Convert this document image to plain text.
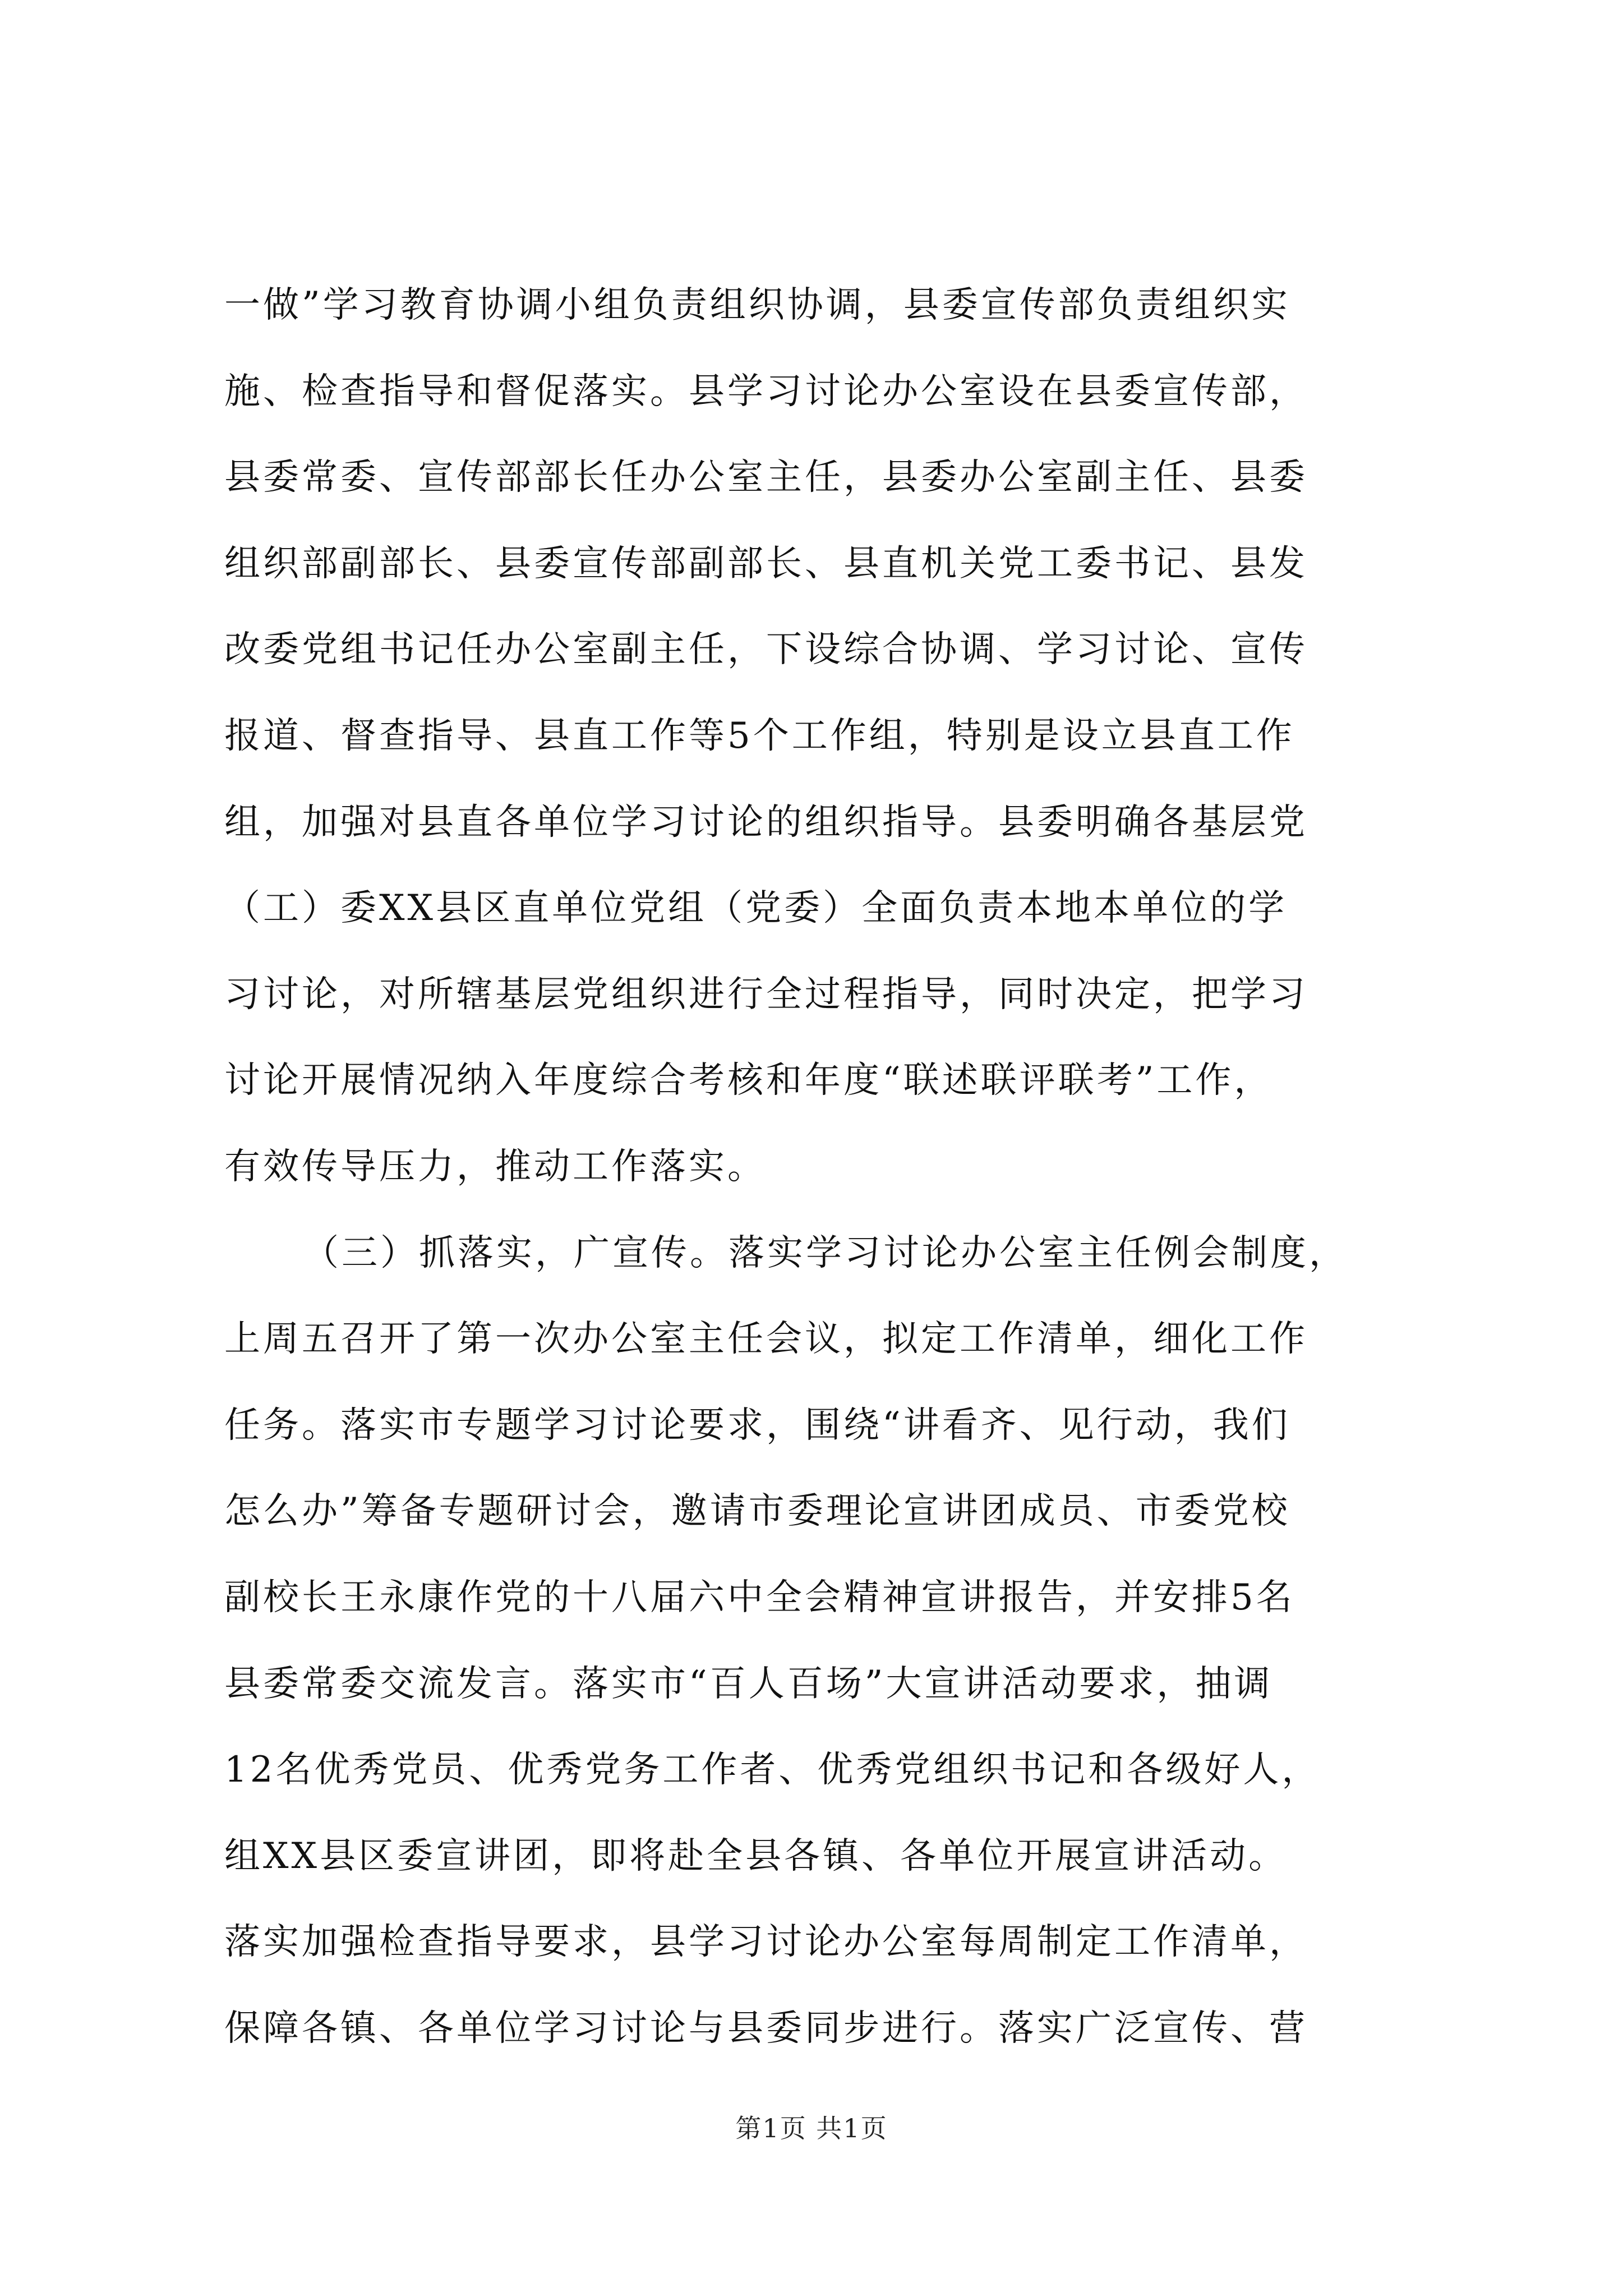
一做”学习教育协调小组负责组织协调，县委宣传部负责组织实
施、检查指导和督促落实。县学习讨论办公室设在县委宣传部，
县委常委、宣传部部长任办公室主任，县委办公室副主任、县委
组织部副部长、县委宣传部副部长、县直机关党工委书记、县发
改委党组书记任办公室副主任，下设综合协调、学习讨论、宣传
报道、督查指导、县直工作等5个工作组，特别是设立县直工作
组，加强对县直各单位学习讨论的组织指导。县委明确各基层党
（工）委XX县区直单位党组（党委）全面负责本地本单位的学
习讨论，对所辖基层党组织进行全过程指导，同时决定，把学习
讨论开展情况纳入年度综合考核和年度“联述联评联考”工作，
有效传导压力，推动工作落实。
（三）抓落实，广宣传。落实学习讨论办公室主任例会制度，
上周五召开了第一次办公室主任会议，拟定工作清单，细化工作
任务。落实市专题学习讨论要求，围绕“讲看齐、见行动，我们
怎么办”筹备专题研讨会，邀请市委理论宣讲团成员、市委党校
副校长王永康作党的十八届六中全会精神宣讲报告，并安排5名
县委常委交流发言。落实市“百人百场”大宣讲活动要求，抽调
12名优秀党员、优秀党务工作者、优秀党组织书记和各级好人，
组XX县区委宣讲团，即将赴全县各镇、各单位开展宣讲活动。
落实加强检查指导要求，县学习讨论办公室每周制定工作清单，
保障各镇、各单位学习讨论与县委同步进行。落实广泛宣传、营
第1页 共1页
